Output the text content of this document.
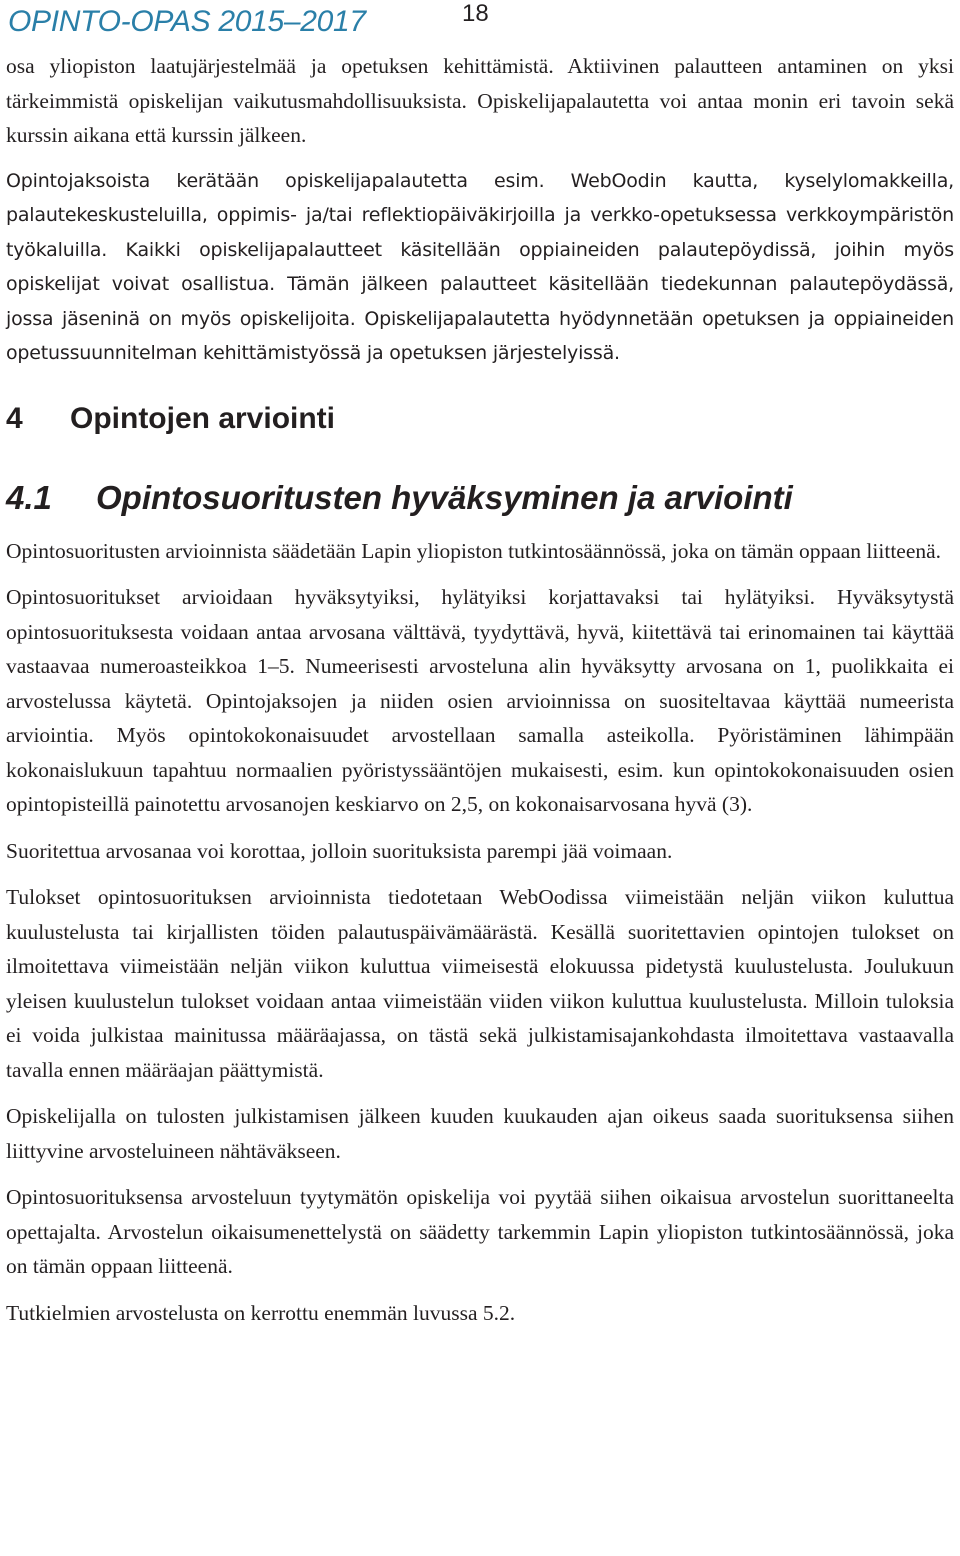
OPINTO-OPAS 2015–2017	18

osa yliopiston laatujärjestelmää ja opetuksen kehittämistä. Aktiivinen palautteen antaminen on yksi tärkeimmistä opiskelijan vaikutusmahdollisuuksista. Opiskelijapalautetta voi antaa monin eri tavoin sekä kurssin aikana että kurssin jälkeen.

Opintojaksoista kerätään opiskelijapalautetta esim. WebOodin kautta, kyselylomakkeilla, palautekeskusteluilla, oppimis- ja/tai reflektiopäiväkirjoilla ja verkko-opetuksessa verkkoympäristön työkaluilla. Kaikki opiskelijapalautteet käsitellään oppiaineiden palautepöydissä, joihin myös opiskelijat voivat osallistua. Tämän jälkeen palautteet käsitellään tiedekunnan palautepöydässä, jossa jäseninä on myös opiskelijoita. Opiskelijapalautetta hyödynnetään opetuksen ja oppiaineiden opetussuunnitelman kehittämistyössä ja opetuksen järjestelyissä.

4	Opintojen arviointi
4.1	Opintosuoritusten hyväksyminen ja arviointi

Opintosuoritusten arvioinnista säädetään Lapin yliopiston tutkintosäännössä, joka on tämän oppaan liitteenä.

Opintosuoritukset arvioidaan hyväksytyiksi, hylätyiksi korjattavaksi tai hylätyiksi. Hyväksytystä opintosuorituksesta voidaan antaa arvosana välttävä, tyydyttävä, hyvä, kiitettävä tai erinomainen tai käyttää vastaavaa numeroasteikkoa 1–5. Numeerisesti arvosteluna alin hyväksytty arvosana on 1, puolikkaita ei arvostelussa käytetä. Opintojaksojen ja niiden osien arvioinnissa on suositeltavaa käyttää numeerista arviointia. Myös opintokokonaisuudet arvostellaan samalla asteikolla. Pyöristäminen lähimpään kokonaislukuun tapahtuu normaalien pyöristyssääntöjen mukaisesti, esim. kun opintokokonaisuuden osien opintopisteillä painotettu arvosanojen keskiarvo on 2,5, on kokonaisarvosana hyvä (3).

Suoritettua arvosanaa voi korottaa, jolloin suorituksista parempi jää voimaan.

Tulokset opintosuorituksen arvioinnista tiedotetaan WebOodissa viimeistään neljän viikon kuluttua kuulustelusta tai kirjallisten töiden palautuspäivämäärästä. Kesällä suoritettavien opintojen tulokset on ilmoitettava viimeistään neljän viikon kuluttua viimeisestä elokuussa pidetystä kuulustelusta. Joulukuun yleisen kuulustelun tulokset voidaan antaa viimeistään viiden viikon kuluttua kuulustelusta. Milloin tuloksia ei voida julkistaa mainitussa määräajassa, on tästä sekä julkistamisajankohdasta ilmoitettava vastaavalla tavalla ennen määräajan päättymistä.

Opiskelijalla on tulosten julkistamisen jälkeen kuuden kuukauden ajan oikeus saada suorituksensa siihen liittyvine arvosteluineen nähtäväkseen.

Opintosuorituksensa arvosteluun tyytymätön opiskelija voi pyytää siihen oikaisua arvostelun suorittaneelta opettajalta. Arvostelun oikaisumenettelystä on säädetty tarkemmin Lapin yliopiston tutkintosäännössä, joka on tämän oppaan liitteenä.

Tutkielmien arvostelusta on kerrottu enemmän luvussa 5.2.
